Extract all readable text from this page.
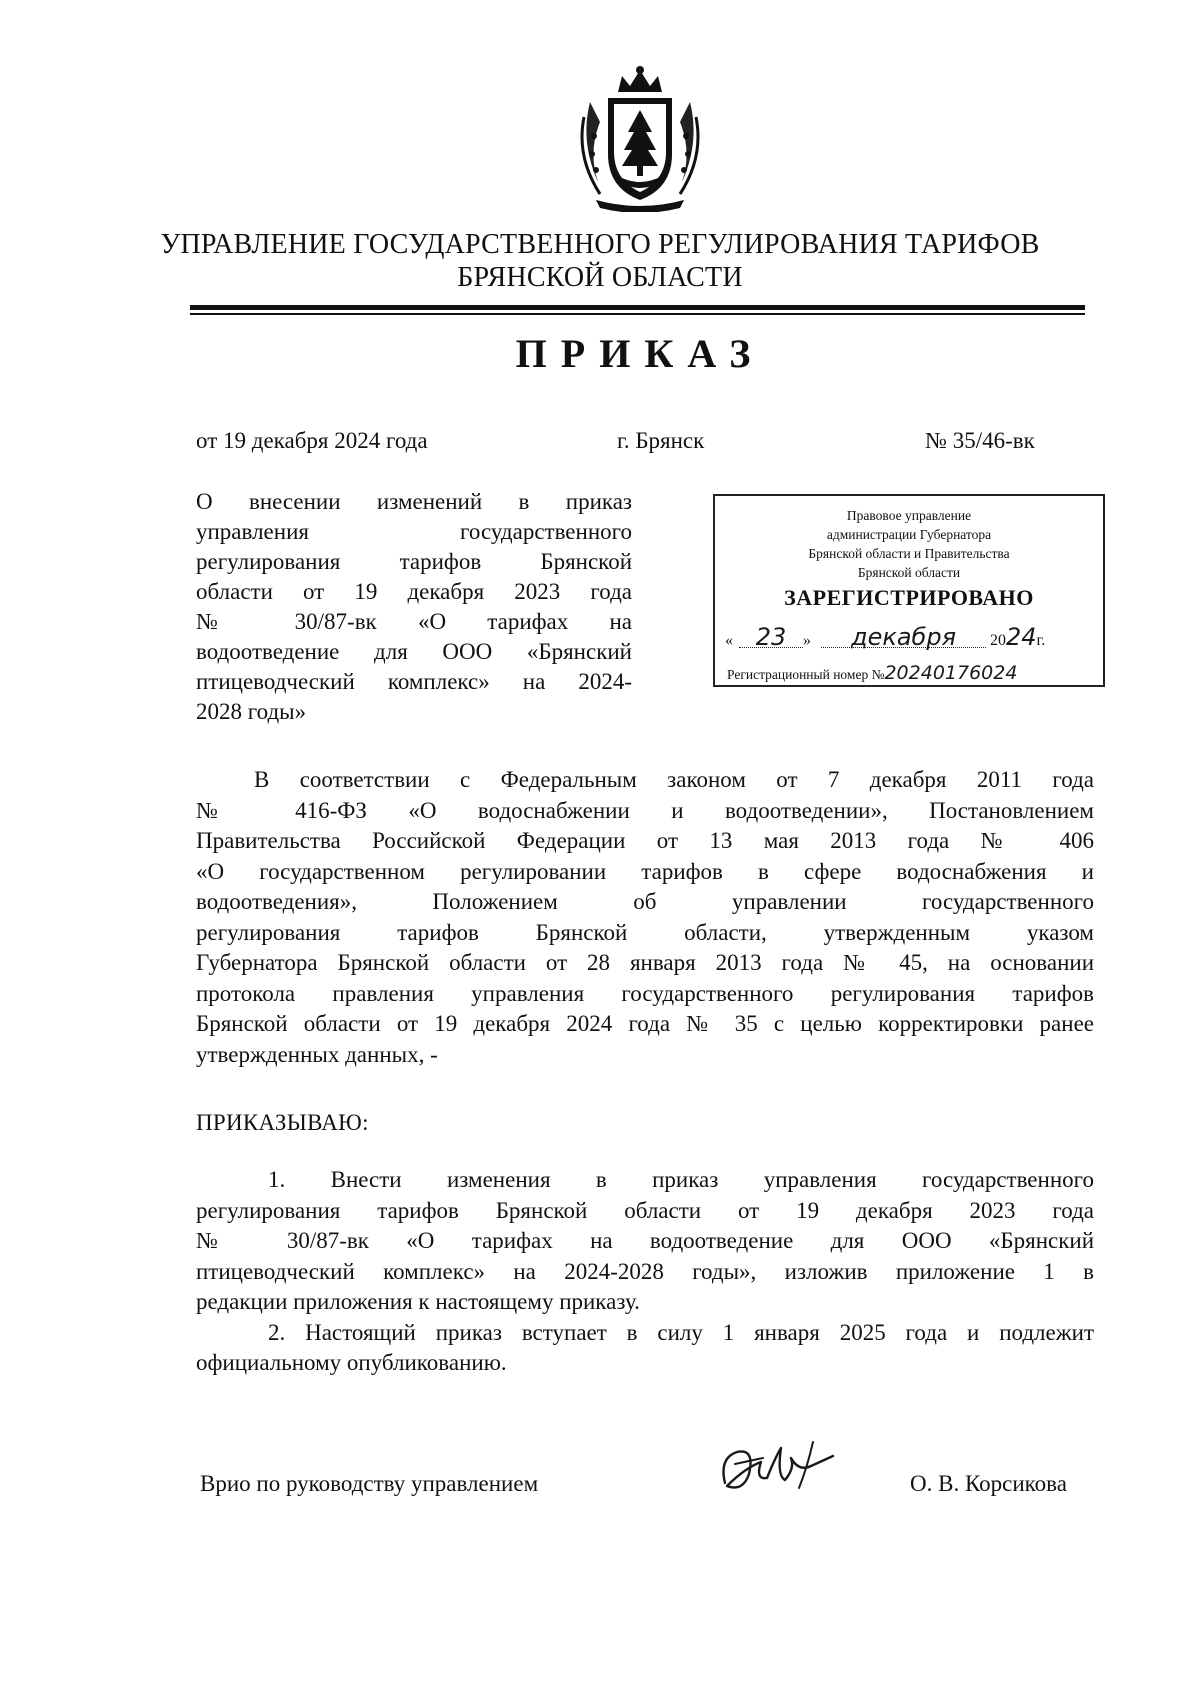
УПРАВЛЕНИЕ ГОСУДАРСТВЕННОГО РЕГУЛИРОВАНИЯ ТАРИФОВ
БРЯНСКОЙ ОБЛАСТИ
ПРИКАЗ
от 19 декабря 2024 года	г. Брянск	№ 35/46-вк
О внесении изменений в приказ
управления государственного
регулирования тарифов Брянской
области от 19 декабря 2023 года
№ 30/87-вк «О тарифах на
водоотведение для ООО «Брянский
птицеводческий комплекс» на 2024-
2028 годы»
Правовое управление
администрации Губернатора
Брянской области и Правительства
Брянской области
ЗАРЕГИСТРИРОВАНО
« 23 » декабря 2024г.
Регистрационный номер №20240176024
В соответствии с Федеральным законом от 7 декабря 2011 года
№ 416-ФЗ «О водоснабжении и водоотведении», Постановлением
Правительства Российской Федерации от 13 мая 2013 года № 406
«О государственном регулировании тарифов в сфере водоснабжения и
водоотведения», Положением об управлении государственного
регулирования тарифов Брянской области, утвержденным указом
Губернатора Брянской области от 28 января 2013 года № 45, на основании
протокола правления управления государственного регулирования тарифов
Брянской области от 19 декабря 2024 года № 35 с целью корректировки ранее
утвержденных данных, -
ПРИКАЗЫВАЮ:
1. Внести изменения в приказ управления государственного
регулирования тарифов Брянской области от 19 декабря 2023 года
№ 30/87-вк «О тарифах на водоотведение для ООО «Брянский
птицеводческий комплекс» на 2024-2028 годы», изложив приложение 1 в
редакции приложения к настоящему приказу.
2. Настоящий приказ вступает в силу 1 января 2025 года и подлежит
официальному опубликованию.
Врио по руководству управлением	О. В. Корсикова
